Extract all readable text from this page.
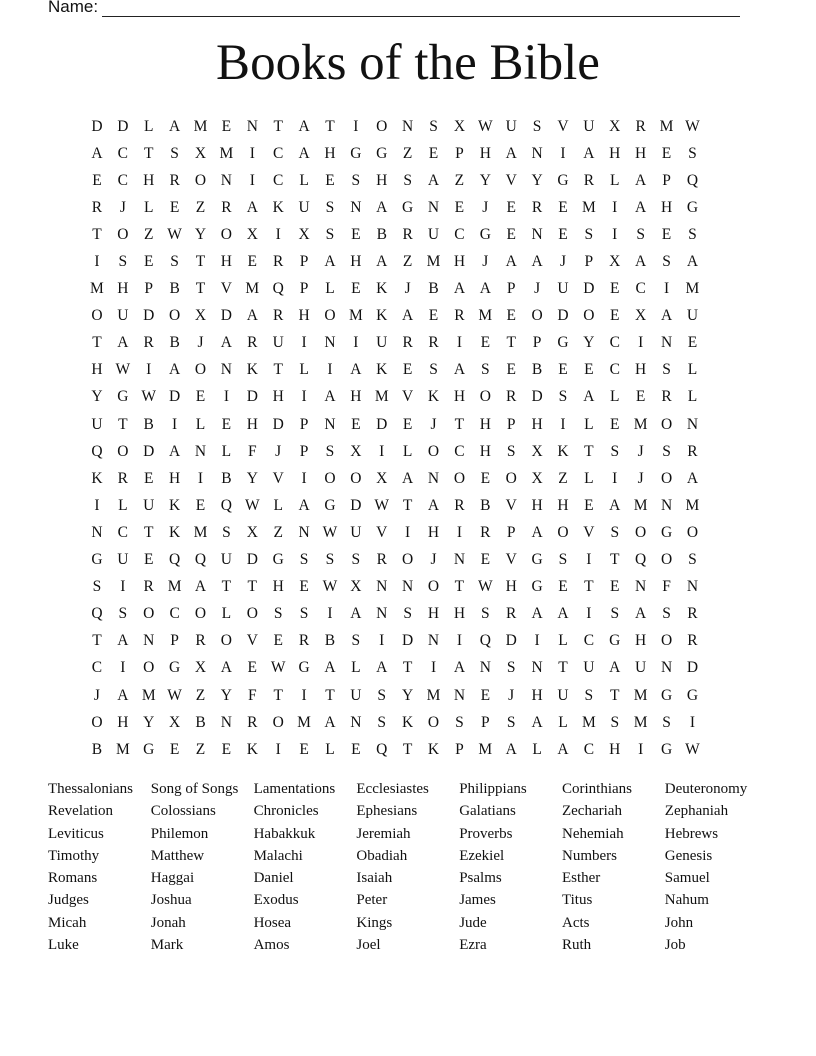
Name:
Books of the Bible
D D	L	A M E	N	T	A	T	I	O N	S	X W U	S	V U X R M W
A C	T	S	X M	I	C A H G G	Z	E	P	H A N	I	A H H	E	S
E	C H R O N	I	C	L	E	S	H	S	A	Z	Y V Y G R	L	A	P	Q
R	J	L	E	Z	R A K U	S	N A G N	E	J	E	R	E M	I	A H G
T	O	Z W Y O X	I	X	S	E	B	R U C G	E	N	E	S	I	S	E	S
I	S	E	S	T	H	E	R	P	A H A	Z M H	J	A A	J	P	X A	S	A
M H	P	B	T	V M Q	P	L	E	K	J	B A A	P	J	U D	E	C	I	M
O U D O X D A R H O M K A	E	R M E	O D O	E	X A U
T	A R	B	J	A R U	I	N	I	U R	R	I	E	T	P	G Y C	I	N	E
H W	I	A O N K	T	L	I	A K	E	S	A	S	E	B	E	E	C H	S	L
Y G W D	E	I	D H	I	A H M V K H O R D	S	A	L	E	R	L
U	T	B	I	L	E	H D	P	N	E	D	E	J	T	H	P	H	I	L	E M O N
Q O D A N	L	F	J	P	S	X	I	L	O C H	S	X K	T	S	J	S	R
K R	E	H	I	B Y V	I	O O X A N O	E	O X	Z	L	I	J	O A
I	L	U K	E	Q W L	A G D W T	A R	B V H H	E	A M N M
N C	T	K M S	X	Z	N W U V	I	H	I	R	P	A O V	S	O G O
G U	E	Q Q U D G	S	S	S	R O	J	N	E	V G	S	I	T	Q O	S
S	I	R M A	T	T	H	E W X N N O	T W H G	E	T	E	N	F	N
Q	S	O C O	L	O	S	S	I	A N	S	H H	S	R A A	I	S	A	S	R
T	A N	P	R O V	E	R	B	S	I	D N	I	Q D	I	L	C G H O R
C	I	O G X A	E W G A	L	A	T	I	A N	S	N	T	U A U N D
J	A M W Z	Y	F	T	I	T	U	S	Y M N	E	J	H U	S	T M G G
O H Y X B N R O M A N	S	K O	S	P	S	A	L M S M S	I
B M G	E	Z	E	K	I	E	L	E	Q	T	K	P M A	L	A C H	I	G W
Thessalonians	Song of Songs	Lamentations	Ecclesiastes	Philippians	Corinthians	Deuteronomy
Revelation	Colossians	Chronicles	Ephesians	Galatians	Zechariah	Zephaniah
Leviticus	Philemon	Habakkuk	Jeremiah	Proverbs	Nehemiah	Hebrews
Timothy	Matthew	Malachi	Obadiah	Ezekiel	Numbers	Genesis
Romans	Haggai	Daniel	Isaiah	Psalms	Esther	Samuel
Judges	Joshua	Exodus	Peter	James	Titus	Nahum
Micah	Jonah	Hosea	Kings	Jude	Acts	John
Luke	Mark	Amos	Joel	Ezra	Ruth	Job
